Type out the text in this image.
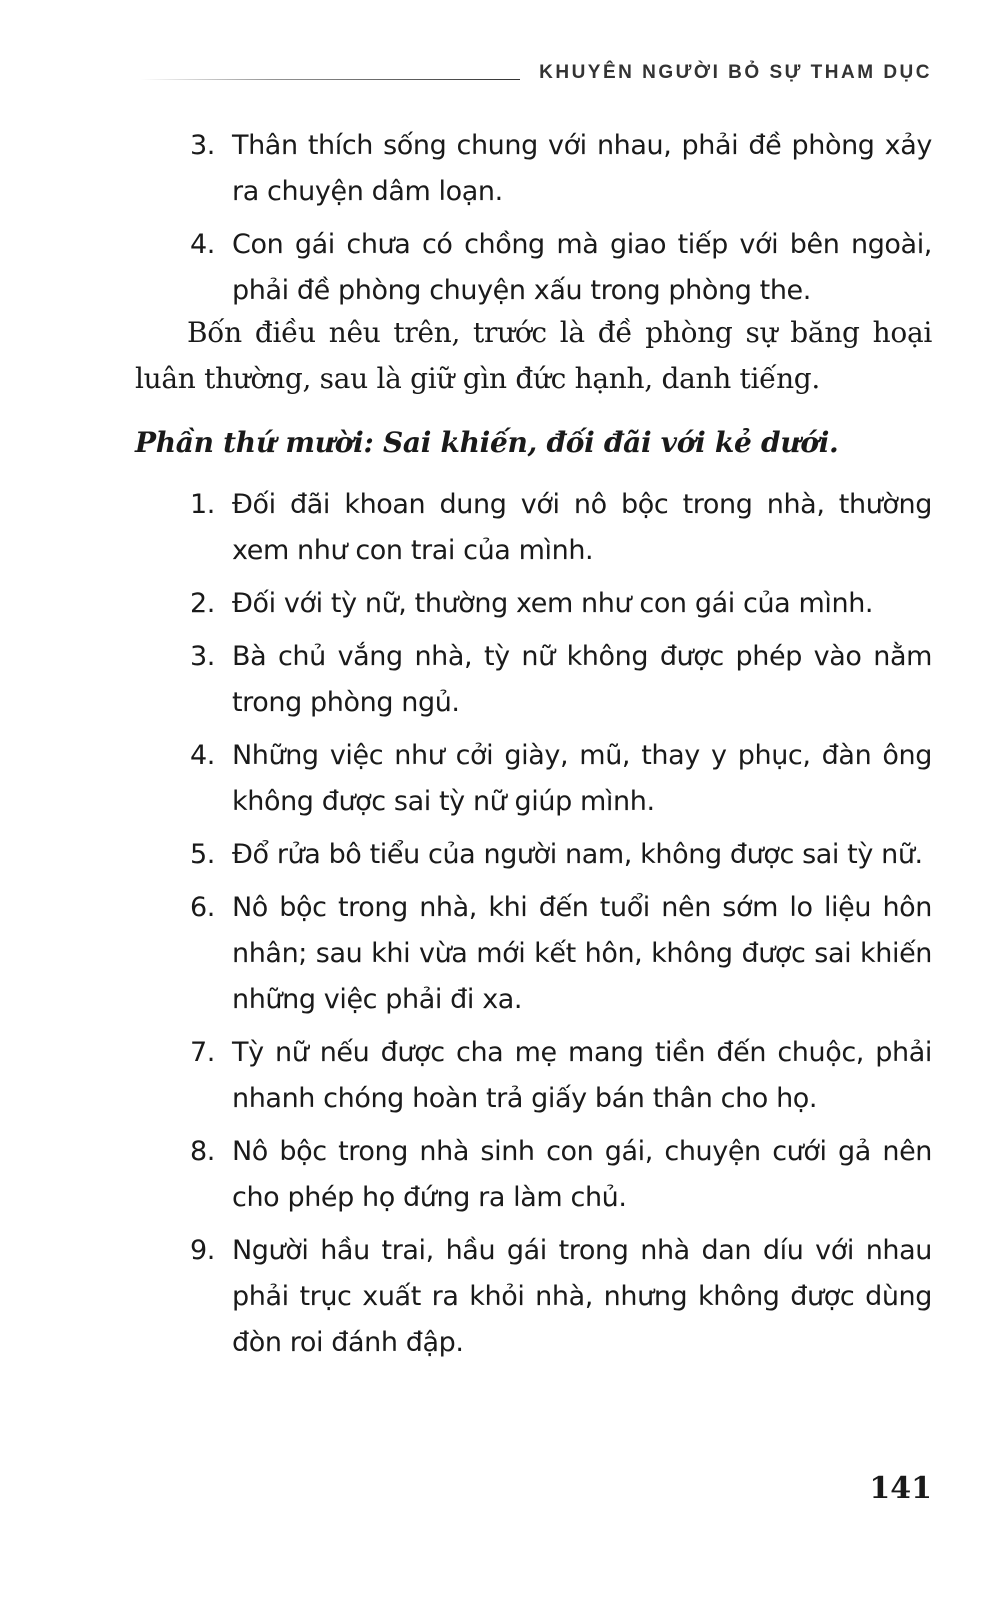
KHUYÊN NGƯỜI BỎ SỰ THAM DỤC
3. Thân thích sống chung với nhau, phải đề phòng xảy ra chuyện dâm loạn.
4. Con gái chưa có chồng mà giao tiếp với bên ngoài, phải đề phòng chuyện xấu trong phòng the.

Bốn điều nêu trên, trước là đề phòng sự băng hoại luân thường, sau là giữ gìn đức hạnh, danh tiếng.

Phần thứ mười: Sai khiến, đối đãi với kẻ dưới.
1. Đối đãi khoan dung với nô bộc trong nhà, thường xem như con trai của mình.
2. Đối với tỳ nữ, thường xem như con gái của mình.
3. Bà chủ vắng nhà, tỳ nữ không được phép vào nằm trong phòng ngủ.
4. Những việc như cởi giày, mũ, thay y phục, đàn ông không được sai tỳ nữ giúp mình.
5. Đổ rửa bô tiểu của người nam, không được sai tỳ nữ.
6. Nô bộc trong nhà, khi đến tuổi nên sớm lo liệu hôn nhân; sau khi vừa mới kết hôn, không được sai khiến những việc phải đi xa.
7. Tỳ nữ nếu được cha mẹ mang tiền đến chuộc, phải nhanh chóng hoàn trả giấy bán thân cho họ.
8. Nô bộc trong nhà sinh con gái, chuyện cưới gả nên cho phép họ đứng ra làm chủ.
9. Người hầu trai, hầu gái trong nhà dan díu với nhau phải trục xuất ra khỏi nhà, nhưng không được dùng đòn roi đánh đập.
141
